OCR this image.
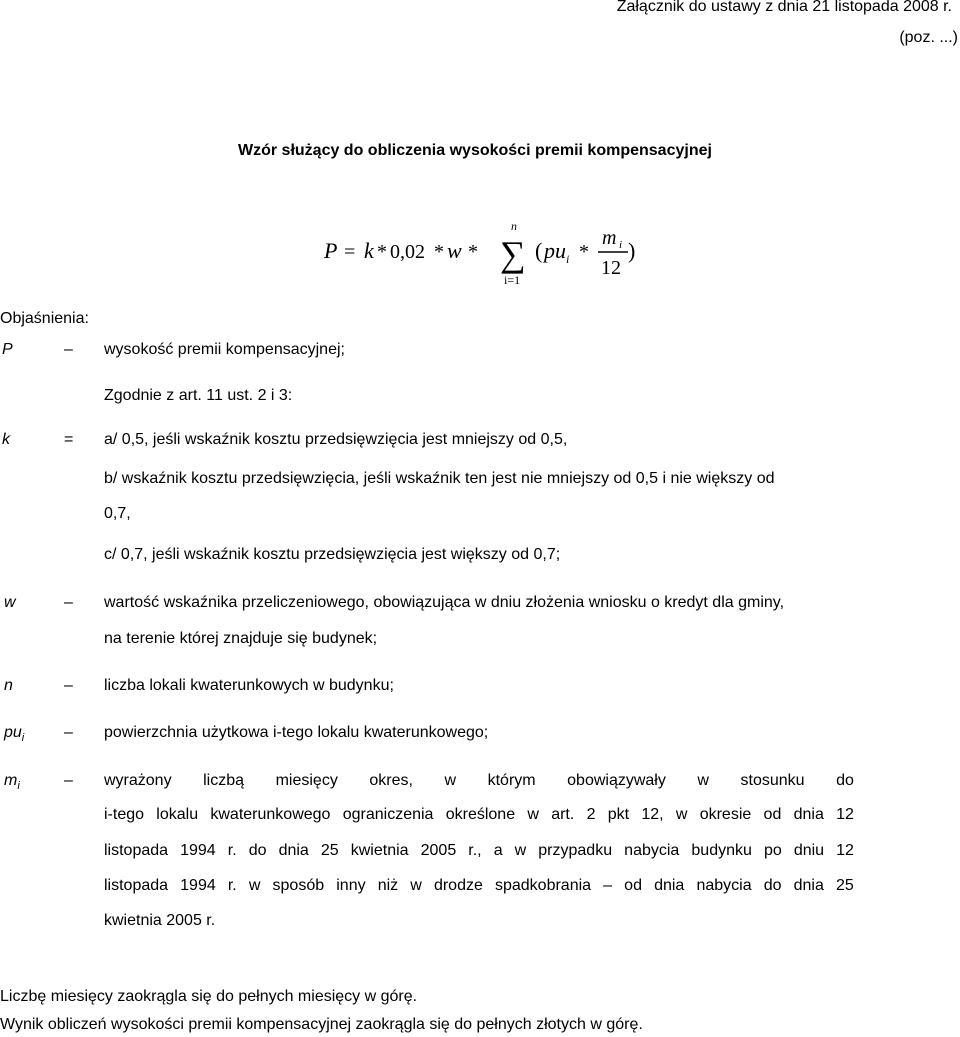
Załącznik do ustawy z dnia 21 listopada 2008 r.
(poz. ...)
Wzór służący do obliczenia wysokości premii kompensacyjnej
P = k * 0,02 * w *
n
∑
i=1
( pu i *
m i
12
)
Objaśnienia:
P	– wysokość premii kompensacyjnej;
Zgodnie z art. 11 ust. 2 i 3:
k	= a/ 0,5, jeśli wskaźnik kosztu przedsięwzięcia jest mniejszy od 0,5,
b/ wskaźnik kosztu przedsięwzięcia, jeśli wskaźnik ten jest nie mniejszy od 0,5 i nie większy od
0,7,
c/ 0,7, jeśli wskaźnik kosztu przedsięwzięcia jest większy od 0,7;
w	– wartość wskaźnika przeliczeniowego, obowiązująca w dniu złożenia wniosku o kredyt dla gminy,
na terenie której znajduje się budynek;
n	– liczba lokali kwaterunkowych w budynku;
$pu_i$ – powierzchnia użytkowa i-tego lokalu kwaterunkowego;
$m_i$	– wyrażony liczbą miesięcy okres, w którym obowiązywały w stosunku do
i-tego lokalu kwaterunkowego ograniczenia określone w art. 2 pkt 12, w okresie od dnia 12
listopada 1994 r. do dnia 25 kwietnia 2005 r., a w przypadku nabycia budynku po dniu 12
listopada 1994 r. w sposób inny niż w drodze spadkobrania – od dnia nabycia do dnia 25
kwietnia 2005 r.
Liczbę miesięcy zaokrągla się do pełnych miesięcy w górę.
Wynik obliczeń wysokości premii kompensacyjnej zaokrągla się do pełnych złotych w górę.
